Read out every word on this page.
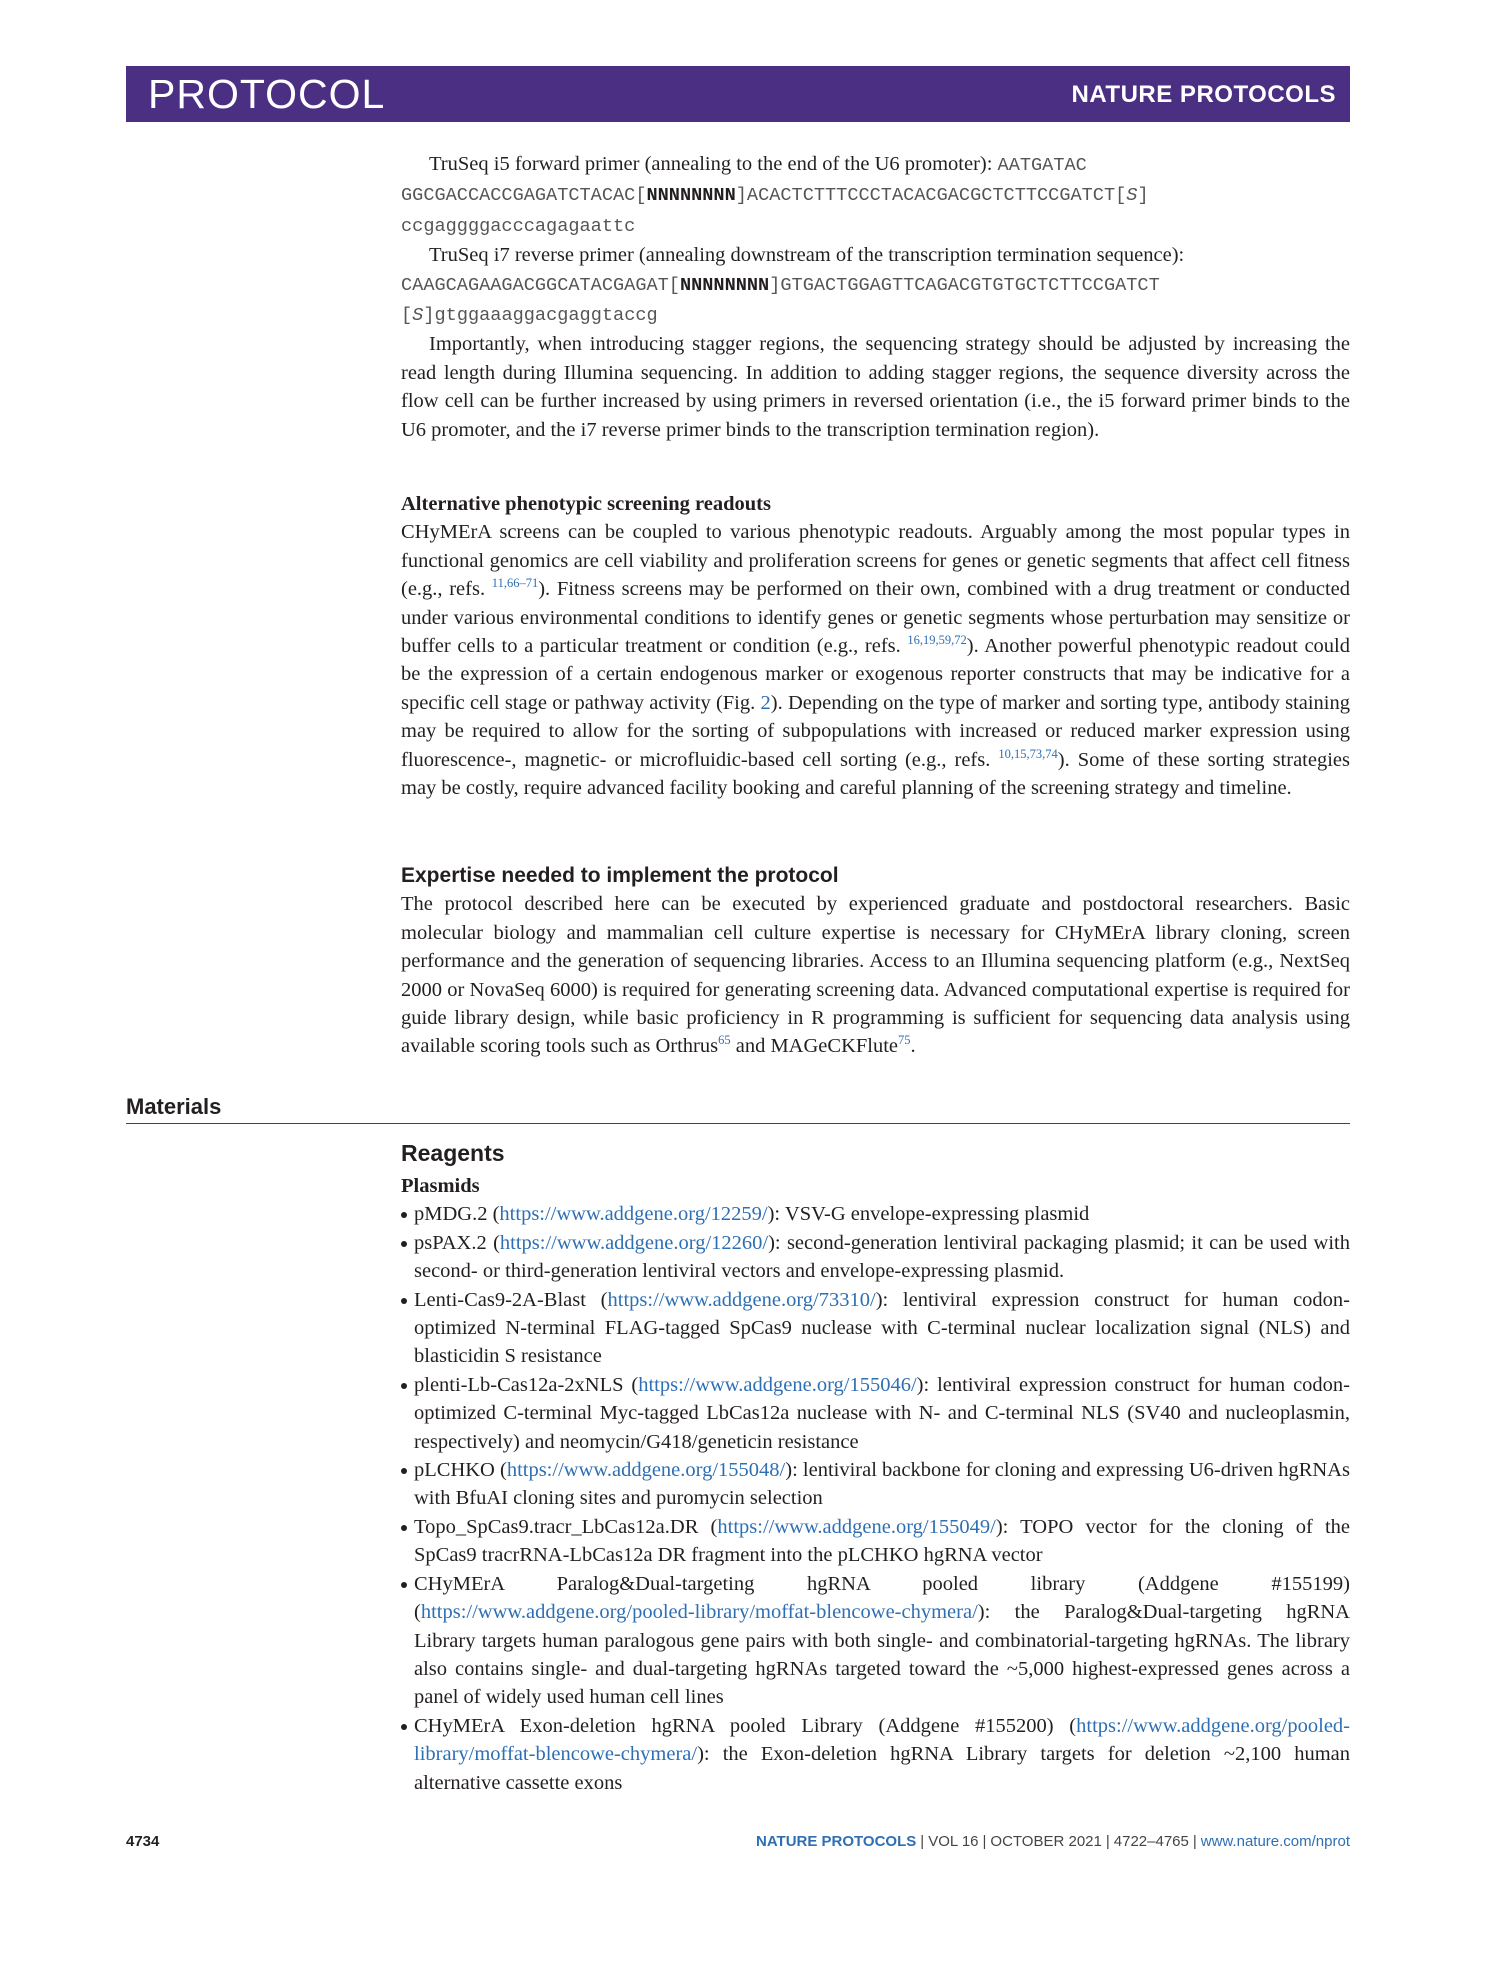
PROTOCOL	NATURE PROTOCOLS

TruSeq i5 forward primer (annealing to the end of the U6 promoter): AATGATAC GGCGACCACCGAGATCTACAC[NNNNNNNN]ACACTCTTTCCCTACACGACGCTCTTCCGATCT[S] ccgaggggacccagagaattc

TruSeq i7 reverse primer (annealing downstream of the transcription termination sequence): CAAGCAGAAGACGGCATACGAGAT[NNNNNNNN]GTGACTGGAGTTCAGACGTGTGCTCTTCCGATCT [S]gtggaaaggacgaggtaccg

Importantly, when introducing stagger regions, the sequencing strategy should be adjusted by increasing the read length during Illumina sequencing. In addition to adding stagger regions, the sequence diversity across the flow cell can be further increased by using primers in reversed orientation (i.e., the i5 forward primer binds to the U6 promoter, and the i7 reverse primer binds to the transcription termination region).

Alternative phenotypic screening readouts

CHyMErA screens can be coupled to various phenotypic readouts. Arguably among the most popular types in functional genomics are cell viability and proliferation screens for genes or genetic segments that affect cell fitness (e.g., refs. $^{11,66-71}$). Fitness screens may be performed on their own, combined with a drug treatment or conducted under various environmental conditions to identify genes or genetic segments whose perturbation may sensitize or buffer cells to a particular treatment or condition (e.g., refs. $^{16,19,59,72}$). Another powerful phenotypic readout could be the expression of a certain endogenous marker or exogenous reporter constructs that may be indicative for a specific cell stage or pathway activity (Fig. 2). Depending on the type of marker and sorting type, antibody staining may be required to allow for the sorting of subpopulations with increased or reduced marker expression using fluorescence-, magnetic- or microfluidic-based cell sorting (e.g., refs. $^{10,15,73,74}$). Some of these sorting strategies may be costly, require advanced facility booking and careful planning of the screening strategy and timeline.

Expertise needed to implement the protocol

The protocol described here can be executed by experienced graduate and postdoctoral researchers. Basic molecular biology and mammalian cell culture expertise is necessary for CHyMErA library cloning, screen performance and the generation of sequencing libraries. Access to an Illumina sequencing platform (e.g., NextSeq 2000 or NovaSeq 6000) is required for generating screening data. Advanced computational expertise is required for guide library design, while basic proficiency in R programming is sufficient for sequencing data analysis using available scoring tools such as Orthrus$^{65}$ and MAGeCKFlute$^{75}$.

Materials
Reagents

Plasmids

pMDG.2 (https://www.addgene.org/12259/): VSV-G envelope-expressing plasmid
psPAX.2 (https://www.addgene.org/12260/): second-generation lentiviral packaging plasmid; it can be used with second- or third-generation lentiviral vectors and envelope-expressing plasmid.
Lenti-Cas9-2A-Blast (https://www.addgene.org/73310/): lentiviral expression construct for human codon-optimized N-terminal FLAG-tagged SpCas9 nuclease with C-terminal nuclear localization signal (NLS) and blasticidin S resistance
plenti-Lb-Cas12a-2xNLS (https://www.addgene.org/155046/): lentiviral expression construct for human codon-optimized C-terminal Myc-tagged LbCas12a nuclease with N- and C-terminal NLS (SV40 and nucleoplasmin, respectively) and neomycin/G418/geneticin resistance
pLCHKO (https://www.addgene.org/155048/): lentiviral backbone for cloning and expressing U6-driven hgRNAs with BfuAI cloning sites and puromycin selection
Topo_SpCas9.tracr_LbCas12a.DR (https://www.addgene.org/155049/): TOPO vector for the cloning of the SpCas9 tracrRNA-LbCas12a DR fragment into the pLCHKO hgRNA vector
CHyMErA Paralog&Dual-targeting hgRNA pooled library (Addgene #155199) (https://www.addgene.org/pooled-library/moffat-blencowe-chymera/): the Paralog&Dual-targeting hgRNA Library targets human paralogous gene pairs with both single- and combinatorial-targeting hgRNAs. The library also contains single- and dual-targeting hgRNAs targeted toward the ~5,000 highest-expressed genes across a panel of widely used human cell lines
CHyMErA Exon-deletion hgRNA pooled Library (Addgene #155200) (https://www.addgene.org/pooled-library/moffat-blencowe-chymera/): the Exon-deletion hgRNA Library targets for deletion ~2,100 human alternative cassette exons
4734	NATURE PROTOCOLS | VOL 16 | OCTOBER 2021 | 4722–4765 | www.nature.com/nprot
